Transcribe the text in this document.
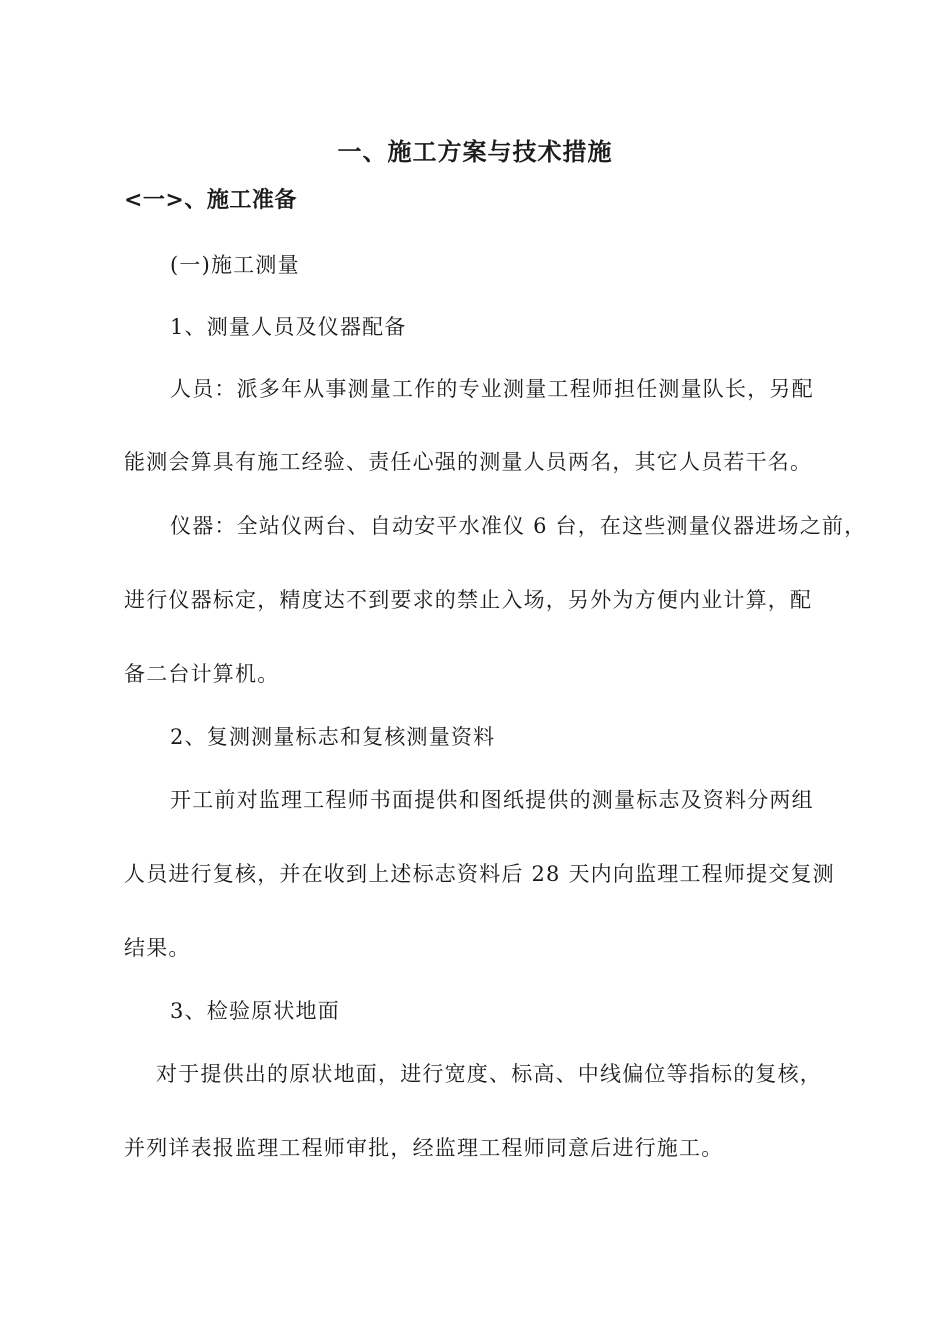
一、施工方案与技术措施
<一>、施工准备
(一)施工测量
1、测量人员及仪器配备
人员：派多年从事测量工作的专业测量工程师担任测量队长，另配
能测会算具有施工经验、责任心强的测量人员两名，其它人员若干名。
仪器：全站仪两台、自动安平水准仪 6 台，在这些测量仪器进场之前，
进行仪器标定，精度达不到要求的禁止入场，另外为方便内业计算，配
备二台计算机。
2、复测测量标志和复核测量资料
开工前对监理工程师书面提供和图纸提供的测量标志及资料分两组
人员进行复核，并在收到上述标志资料后 28 天内向监理工程师提交复测
结果。
3、检验原状地面
对于提供出的原状地面，进行宽度、标高、中线偏位等指标的复核，
并列详表报监理工程师审批，经监理工程师同意后进行施工。
